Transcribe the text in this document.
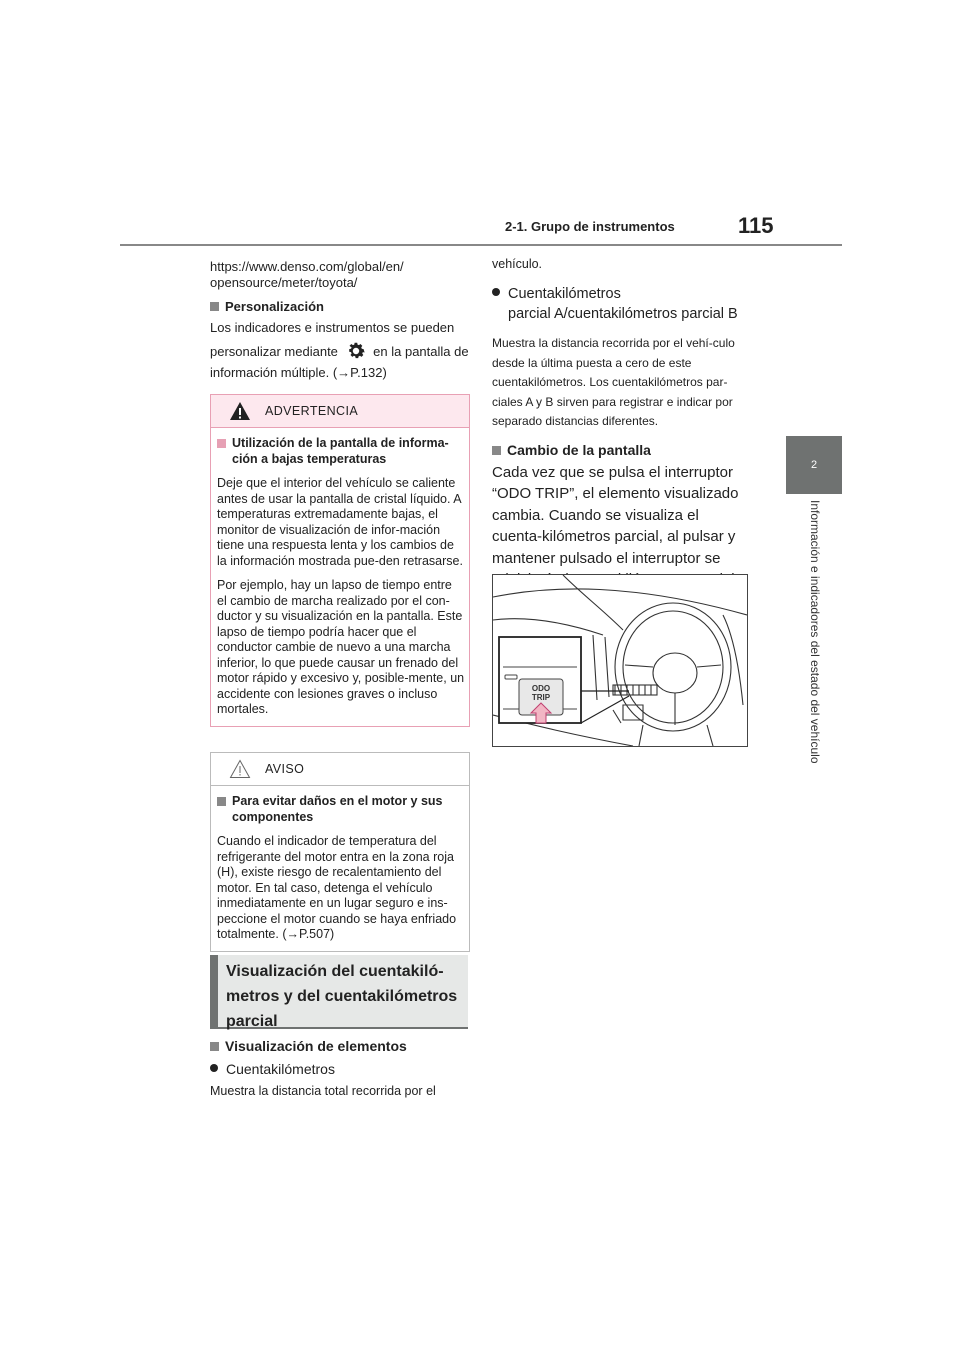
2-1. Grupo de instrumentos	115
2
Información e indicadores del estado del vehículo
https://www.denso.com/global/en/
opensource/meter/toyota/
Personalización
Los indicadores e instrumentos se pueden
personalizar mediante	en la pantalla de
información múltiple. (→P.132)
ADVERTENCIA

Utilización de la pantalla de informa-ción a bajas temperaturas

Deje que el interior del vehículo se caliente antes de usar la pantalla de cristal líquido. A temperaturas extremadamente bajas, el monitor de visualización de infor-mación tiene una respuesta lenta y los cambios de la información mostrada pue-den retrasarse.

Por ejemplo, hay un lapso de tiempo entre el cambio de marcha realizado por el con-ductor y su visualización en la pantalla. Este lapso de tiempo podría hacer que el conductor cambie de nuevo a una marcha inferior, lo que puede causar un frenado del motor rápido y excesivo y, posible-mente, un accidente con lesiones graves o incluso mortales.

AVISO

Para evitar daños en el motor y sus componentes

Cuando el indicador de temperatura del refrigerante del motor entra en la zona roja (H), existe riesgo de recalentamiento del motor. En tal caso, detenga el vehículo inmediatamente en un lugar seguro e ins-peccione el motor cuando se haya enfriado totalmente. (→P.507)

Visualización del cuentakiló-
metros y del cuentakilómetros
parcial
Visualización de elementos
Cuentakilómetros
Muestra la distancia total recorrida por el
vehículo.
Cuentakilómetros
parcial A/cuentakilómetros parcial B
Muestra la distancia recorrida por el vehí-culo desde la última puesta a cero de este cuentakilómetros. Los cuentakilómetros par-ciales A y B sirven para registrar e indicar por separado distancias diferentes.
Cambio de la pantalla
Cada vez que se pulsa el interruptor “ODO TRIP”, el elemento visualizado cambia. Cuando se visualiza el cuenta-kilómetros parcial, al pulsar y mantener pulsado el interruptor se
ODO
TRIP
